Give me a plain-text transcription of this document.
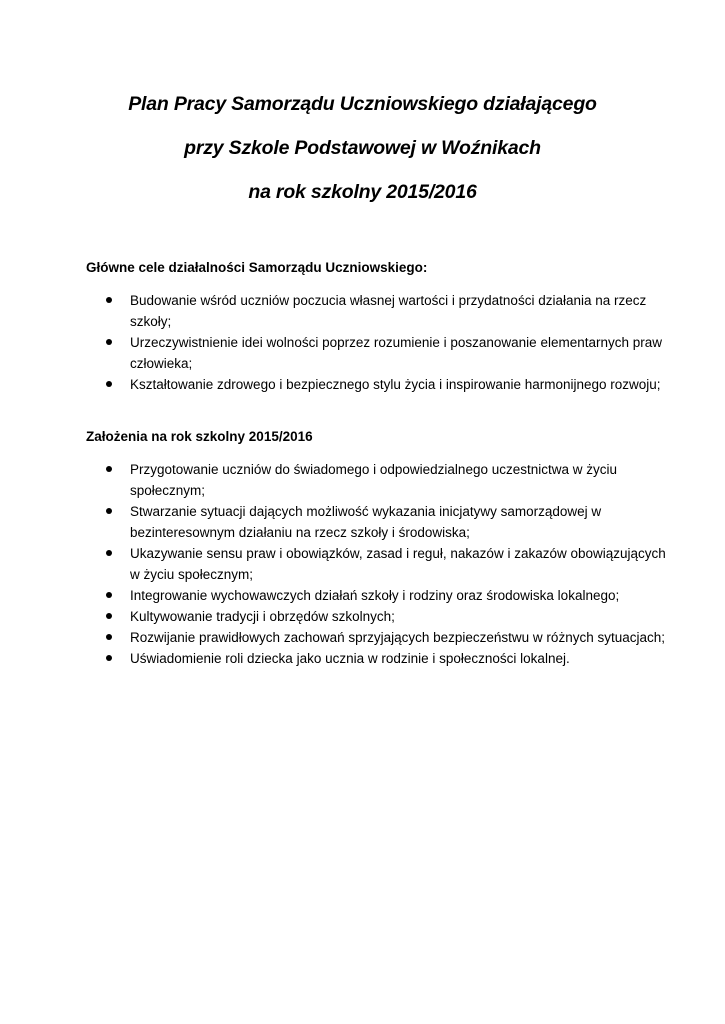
Plan Pracy Samorządu Uczniowskiego działającego
przy Szkole Podstawowej w Woźnikach
na rok szkolny 2015/2016

Główne cele działalności Samorządu Uczniowskiego:

Budowanie wśród uczniów poczucia własnej wartości i przydatności działania na rzecz szkoły;
Urzeczywistnienie idei wolności poprzez rozumienie i poszanowanie elementarnych praw człowieka;
Kształtowanie zdrowego i bezpiecznego stylu życia i inspirowanie harmonijnego rozwoju;

Założenia na rok szkolny 2015/2016

Przygotowanie uczniów do świadomego i odpowiedzialnego uczestnictwa w życiu społecznym;
Stwarzanie sytuacji dających możliwość wykazania inicjatywy samorządowej w bezinteresownym działaniu na rzecz szkoły i środowiska;
Ukazywanie sensu praw i obowiązków, zasad i reguł, nakazów i zakazów obowiązujących w życiu społecznym;
Integrowanie wychowawczych działań szkoły i rodziny oraz środowiska lokalnego;
Kultywowanie tradycji i obrzędów szkolnych;
Rozwijanie prawidłowych zachowań sprzyjających bezpieczeństwu w różnych sytuacjach;
Uświadomienie roli dziecka jako ucznia w rodzinie i społeczności lokalnej.
